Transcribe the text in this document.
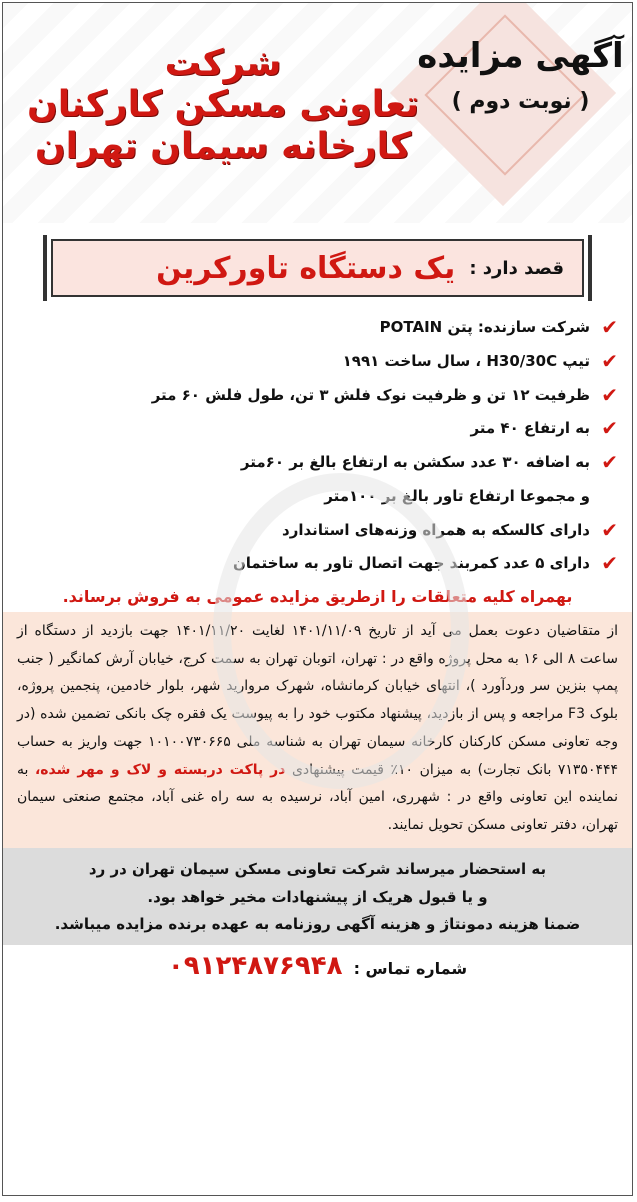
آگهی مزایده
( نوبت دوم )
شرکت
تعاونی مسکن کارکنان
کارخانه سیمان تهران
قصد دارد :
یک دستگاه تاورکرین
✔
شرکت سازنده: پتن POTAIN
✔
تیپ H30/30C ، سال ساخت ۱۹۹۱
✔
ظرفیت ۱۲ تن و ظرفیت نوک فلش ۳ تن، طول فلش ۶۰ متر
✔
به ارتفاع ۴۰ متر
✔
به اضافه ۳۰ عدد سکشن به ارتفاع بالغ بر ۶۰متر
و مجموعا ارتفاع تاور بالغ بر ۱۰۰متر
✔
دارای کالسکه به همراه وزنه‌های استاندارد
✔
دارای ۵ عدد کمربند جهت اتصال تاور به ساختمان
بهمراه کلیه متعلقات را ازطریق مزایده عمومی به فروش برساند.
از متقاضیان دعوت بعمل می آید از تاریخ ۱۴۰۱/۱۱/۰۹ لغایت ۱۴۰۱/۱۱/۲۰ جهت بازدید از دستگاه از ساعت ۸ الی ۱۶ به محل پروژه واقع در : تهران، اتوبان تهران به سمت کرج، خیابان آرش کمانگیر ( جنب پمپ بنزین سر وردآورد )، انتهای خیابان کرمانشاه، شهرک مروارید شهر، بلوار خادمین، پنجمین پروژه، بلوک F3 مراجعه و پس از بازدید، پیشنهاد مکتوب خود را به پیوست یک فقره چک بانکی تضمین شده (در وجه تعاونی مسکن کارکنان کارخانه سیمان تهران به شناسه ملی ۱۰۱۰۰۷۳۰۶۶۵ جهت واریز به حساب ۷۱۳۵۰۴۴۴ بانک تجارت) به میزان ۱۰٪ قیمت پیشنهادی در پاکت دربسته و لاک و مهر شده، به نماینده این تعاونی واقع در : شهرری، امین آباد، نرسیده به سه راه غنی آباد، مجتمع صنعتی سیمان تهران، دفتر تعاونی مسکن تحویل نمایند.
به استحضار میرساند شرکت تعاونی مسکن سیمان تهران در رد
و یا قبول هریک از پیشنهادات مخیر خواهد بود.
ضمنا هزینه دمونتاژ و هزینه آگهی روزنامه به عهده برنده مزایده میباشد.
شماره تماس : ۰۹۱۲۴۸۷۶۹۴۸
